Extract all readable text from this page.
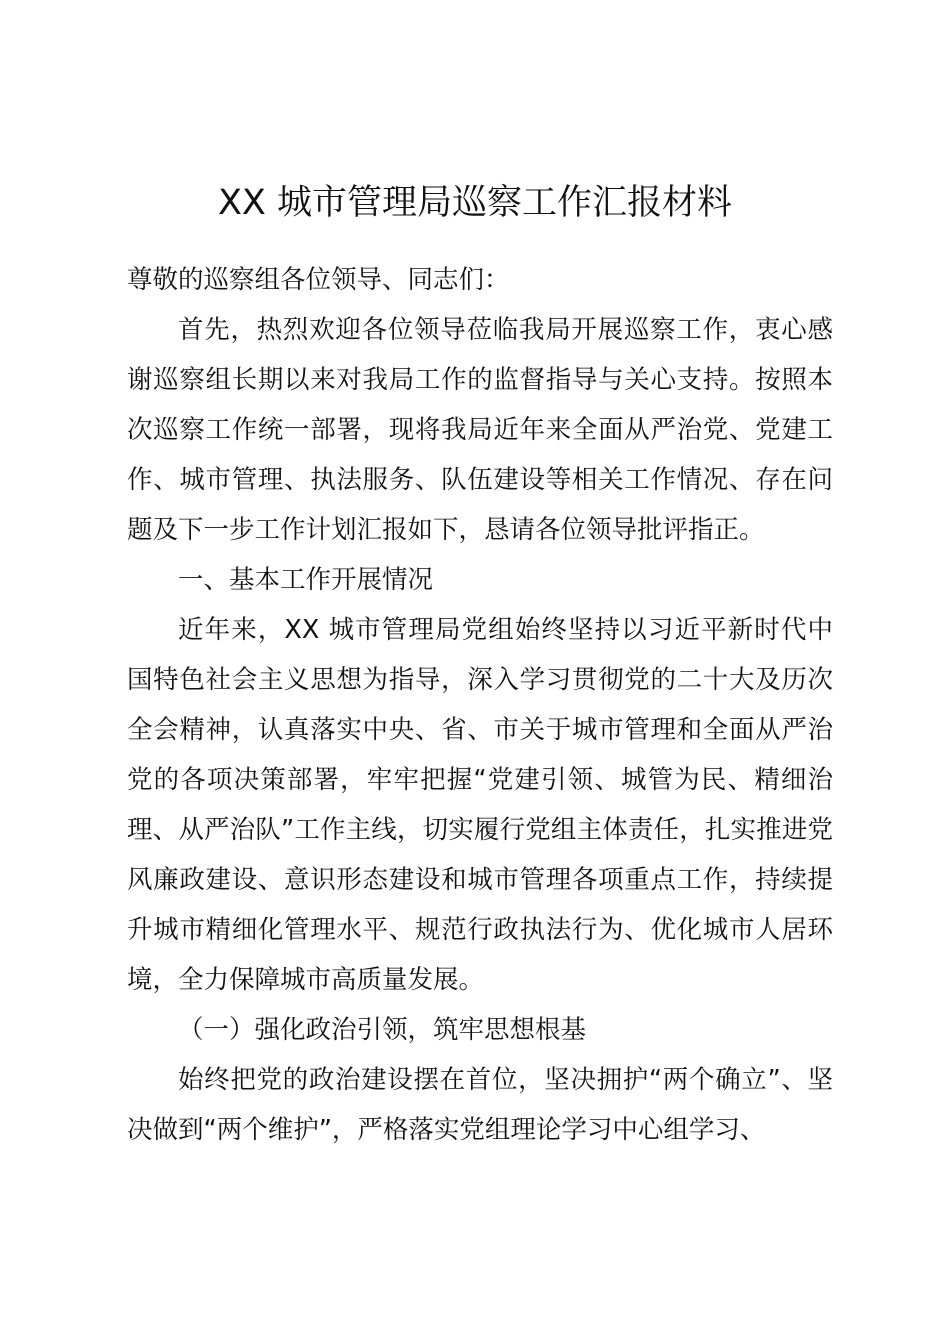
XX 城市管理局巡察工作汇报材料

尊敬的巡察组各位领导、同志们：

首先，热烈欢迎各位领导莅临我局开展巡察工作，衷心感谢巡察组长期以来对我局工作的监督指导与关心支持。按照本次巡察工作统一部署，现将我局近年来全面从严治党、党建工作、城市管理、执法服务、队伍建设等相关工作情况、存在问题及下一步工作计划汇报如下，恳请各位领导批评指正。

一、基本工作开展情况

近年来，XX 城市管理局党组始终坚持以习近平新时代中国特色社会主义思想为指导，深入学习贯彻党的二十大及历次全会精神，认真落实中央、省、市关于城市管理和全面从严治党的各项决策部署，牢牢把握“党建引领、城管为民、精细治理、从严治队”工作主线，切实履行党组主体责任，扎实推进党风廉政建设、意识形态建设和城市管理各项重点工作，持续提升城市精细化管理水平、规范行政执法行为、优化城市人居环境，全力保障城市高质量发展。

（一）强化政治引领，筑牢思想根基

始终把党的政治建设摆在首位，坚决拥护“两个确立”、坚决做到“两个维护”，严格落实党组理论学习中心组学习、
